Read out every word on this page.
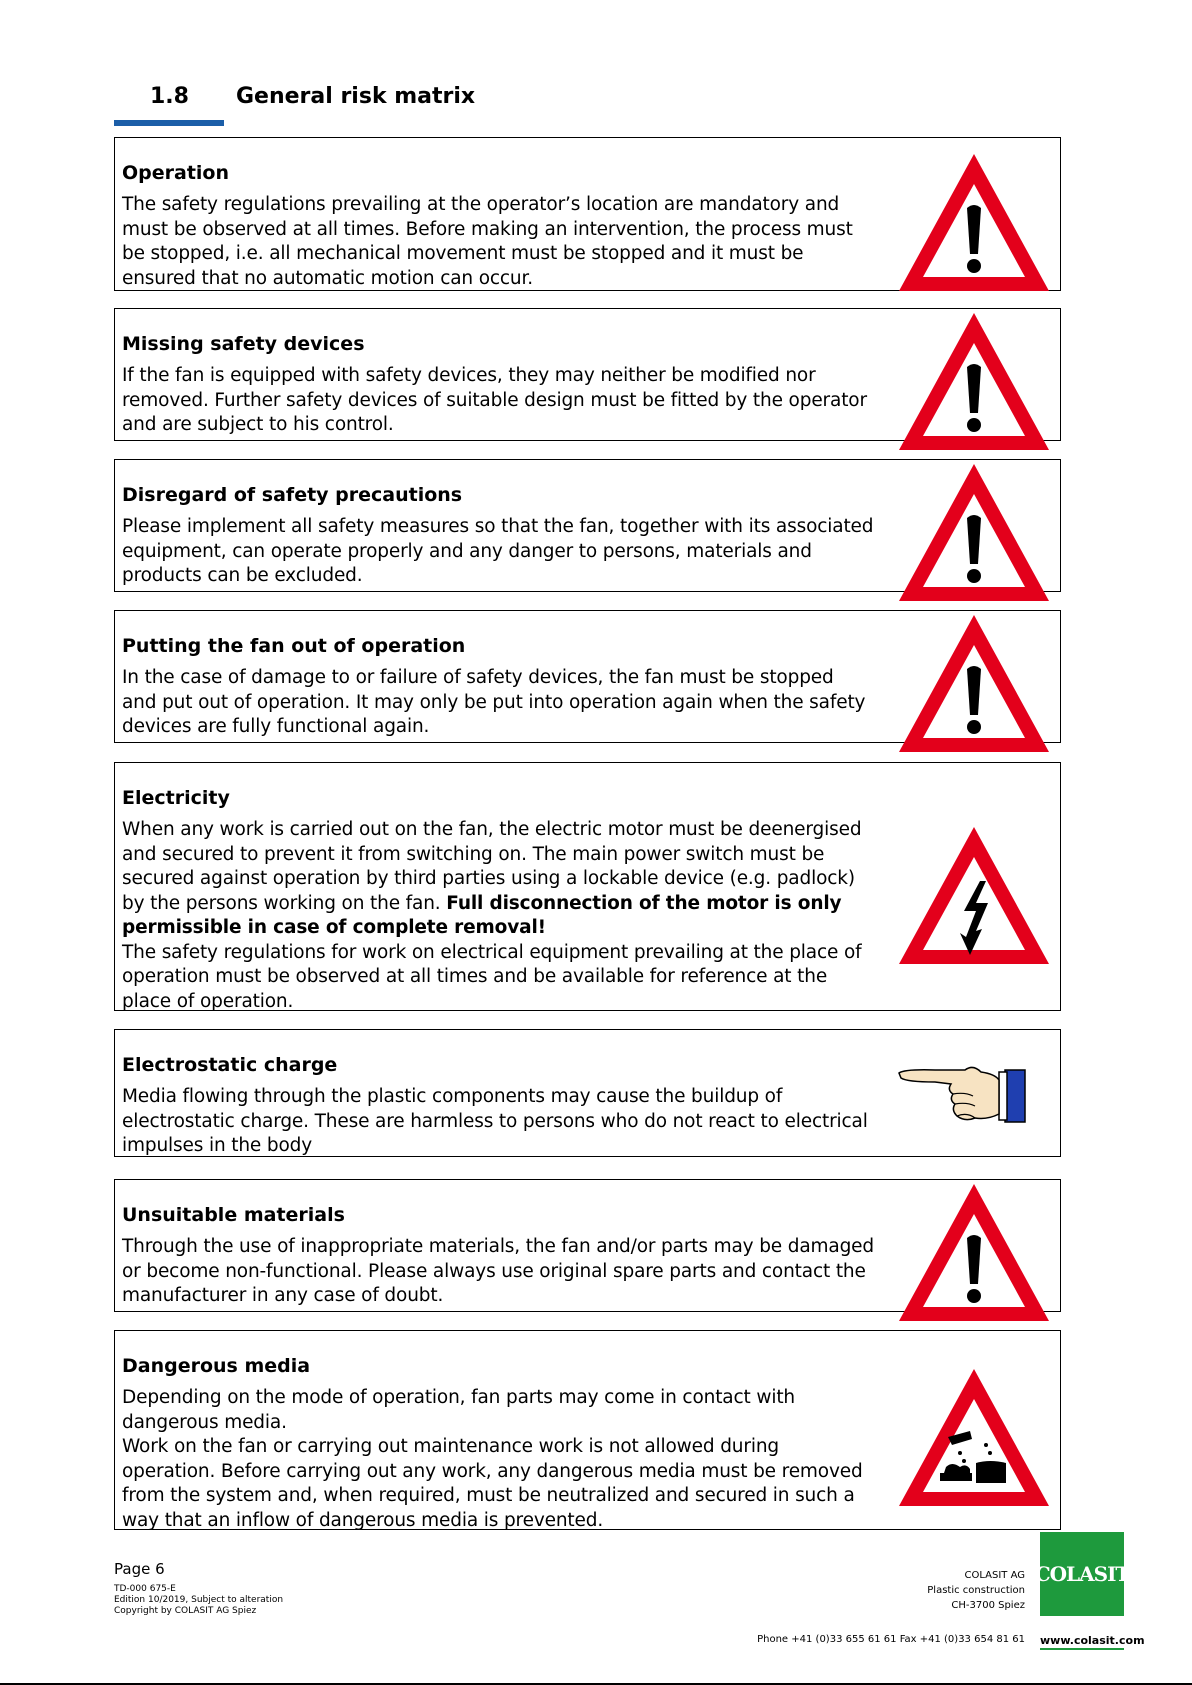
1.8 General risk matrix
Operation

The safety regulations prevailing at the operator’s location are mandatory and

must be observed at all times. Before making an intervention, the process must

be stopped, i.e. all mechanical movement must be stopped and it must be

ensured that no automatic motion can occur.

Missing safety devices

If the fan is equipped with safety devices, they may neither be modified nor

removed. Further safety devices of suitable design must be fitted by the operator

and are subject to his control.

Disregard of safety precautions

Please implement all safety measures so that the fan, together with its associated

equipment, can operate properly and any danger to persons, materials and

products can be excluded.

Putting the fan out of operation

In the case of damage to or failure of safety devices, the fan must be stopped

and put out of operation. It may only be put into operation again when the safety

devices are fully functional again.

Electricity

When any work is carried out on the fan, the electric motor must be deenergised

and secured to prevent it from switching on. The main power switch must be

secured against operation by third parties using a lockable device (e.g. padlock)

by the persons working on the fan. Full disconnection of the motor is only

permissible in case of complete removal!

The safety regulations for work on electrical equipment prevailing at the place of

operation must be observed at all times and be available for reference at the

place of operation.

Electrostatic charge

Media flowing through the plastic components may cause the buildup of

electrostatic charge. These are harmless to persons who do not react to electrical

impulses in the body

Unsuitable materials

Through the use of inappropriate materials, the fan and/or parts may be damaged

or become non-functional. Please always use original spare parts and contact the

manufacturer in any case of doubt.

Dangerous media

Depending on the mode of operation, fan parts may come in contact with

dangerous media.

Work on the fan or carrying out maintenance work is not allowed during

operation. Before carrying out any work, any dangerous media must be removed

from the system and, when required, must be neutralized and secured in such a

way that an inflow of dangerous media is prevented.

Page 6
TD-000 675-E
Edition 10/2019, Subject to alteration
Copyright by COLASIT AG Spiez
COLASIT AG
Plastic construction
CH-3700 Spiez
Phone +41 (0)33 655 61 61 Fax +41 (0)33 654 81 61
COLASIT
www.colasit.com
